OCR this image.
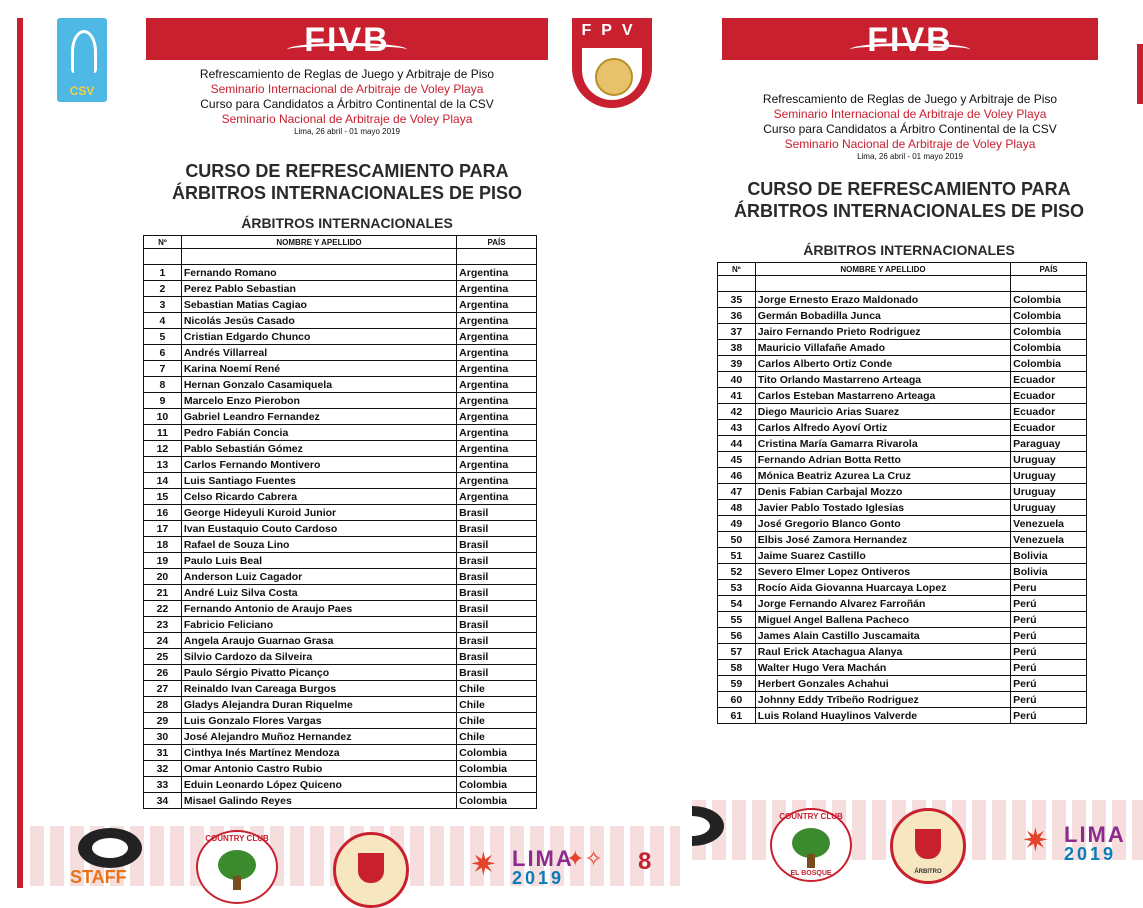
CSV
FIVB	FPV
Refrescamiento de Reglas de Juego y Arbitraje de Piso
Seminario Internacional de Arbitraje de Voley Playa
Curso para Candidatos a Árbitro Continental de la CSV
Seminario Nacional de Arbitraje de Voley Playa
Lima, 26 abril - 01 mayo 2019
CURSO DE REFRESCAMIENTO PARA
ÁRBITROS INTERNACIONALES DE PISO
ÁRBITROS INTERNACIONALES
Nº	NOMBRE Y APELLIDO	PAÍS

1	Fernando Romano	Argentina
2	Perez Pablo Sebastian	Argentina
3	Sebastian Matias Cagiao	Argentina
4	Nicolás Jesús Casado	Argentina
5	Cristian Edgardo Chunco	Argentina
6	Andrés Villarreal	Argentina
7	Karina Noemí René	Argentina
8	Hernan Gonzalo Casamiquela	Argentina
9	Marcelo Enzo Pierobon	Argentina
10	Gabriel Leandro Fernandez	Argentina
11	Pedro Fabián Concia	Argentina
12	Pablo Sebastián Gómez	Argentina
13	Carlos Fernando Montivero	Argentina
14	Luis Santiago Fuentes	Argentina
15	Celso Ricardo Cabrera	Argentina
16	George Hideyuli Kuroid Junior	Brasil
17	Ivan Eustaquio Couto Cardoso	Brasil
18	Rafael de Souza Lino	Brasil
19	Paulo Luis Beal	Brasil
20	Anderson Luiz Cagador	Brasil
21	André Luiz Silva Costa	Brasil
22	Fernando Antonio de Araujo Paes	Brasil
23	Fabricio Feliciano	Brasil
24	Angela Araujo Guarnao Grasa	Brasil
25	Silvio Cardozo da Silveira	Brasil
26	Paulo Sérgio Pivatto Picanço	Brasil
27	Reinaldo Ivan Careaga Burgos	Chile
28	Gladys Alejandra Duran Riquelme	Chile
29	Luis Gonzalo Flores Vargas	Chile
30	José Alejandro Muñoz Hernandez	Chile
31	Cinthya Inés Martínez Mendoza	Colombia
32	Omar Antonio Castro Rubio	Colombia
33	Eduin Leonardo López Quiceno	Colombia
34	Misael Galindo Reyes	Colombia
STAFF
COUNTRY CLUB
✷ LIMA
2019
✦✧ 8
FIVB
Refrescamiento de Reglas de Juego y Arbitraje de Piso
Seminario Internacional de Arbitraje de Voley Playa
Curso para Candidatos a Árbitro Continental de la CSV
Seminario Nacional de Arbitraje de Voley Playa
Lima, 26 abril - 01 mayo 2019
CURSO DE REFRESCAMIENTO PARA
ÁRBITROS INTERNACIONALES DE PISO
ÁRBITROS INTERNACIONALES
Nº	NOMBRE Y APELLIDO	PAÍS

35	Jorge Ernesto Erazo Maldonado	Colombia
36	Germán Bobadilla Junca	Colombia
37	Jairo Fernando Prieto Rodriguez	Colombia
38	Mauricio Villafañe Amado	Colombia
39	Carlos Alberto Ortiz Conde	Colombia
40	Tito Orlando Mastarreno Arteaga	Ecuador
41	Carlos Esteban Mastarreno Arteaga	Ecuador
42	Diego Mauricio Arias Suarez	Ecuador
43	Carlos Alfredo Ayoví Ortiz	Ecuador
44	Cristina María Gamarra Rivarola	Paraguay
45	Fernando Adrian Botta Retto	Uruguay
46	Mónica Beatriz Azurea La Cruz	Uruguay
47	Denis Fabian Carbajal Mozzo	Uruguay
48	Javier Pablo Tostado Iglesias	Uruguay
49	José Gregorio Blanco Gonto	Venezuela
50	Elbis José Zamora Hernandez	Venezuela
51	Jaime Suarez Castillo	Bolivia
52	Severo Elmer Lopez Ontiveros	Bolivia
53	Rocío Aida Giovanna Huarcaya Lopez	Peru
54	Jorge Fernando Alvarez Farroñán	Perú
55	Miguel Angel Ballena Pacheco	Perú
56	James Alain Castillo Juscamaita	Perú
57	Raul Erick Atachagua Alanya	Perú
58	Walter Hugo Vera Machán	Perú
59	Herbert Gonzales Achahui	Perú
60	Johnny Eddy Trībeño Rodriguez	Perú
61	Luis Roland Huaylinos Valverde	Perú
COUNTRY CLUB
EL BOSQUE	ÁRBITRO
✷ LIMA
2019
